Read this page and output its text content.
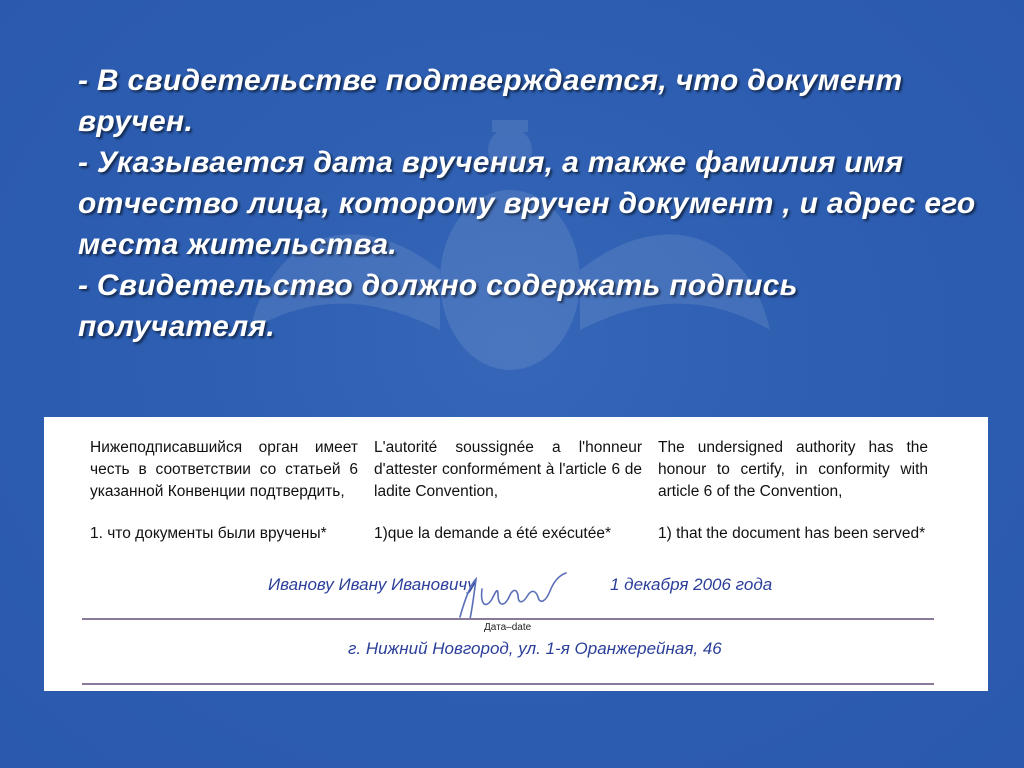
- В свидетельстве подтверждается, что документ вручен.

- Указывается дата вручения, а также фамилия имя отчество лица, которому вручен документ , и адрес его места жительства.

- Свидетельство должно содержать подпись получателя.

Нижеподписавшийся орган имеет честь в соответствии со статьей 6 указанной Конвенции подтвердить,
1. что документы были вручены*
L'autorité soussignée a l'honneur d'attester conformément à l'article 6 de ladite Convention,
1)que la demande a été exécutée*
The undersigned authority has the honour to certify, in conformity with article 6 of the Convention,
1) that the document has been served*
Иванову Ивану Ивановичу	1 декабря 2006 года
Дата–date
г. Нижний Новгород, ул. 1-я Оранжерейная, 46
